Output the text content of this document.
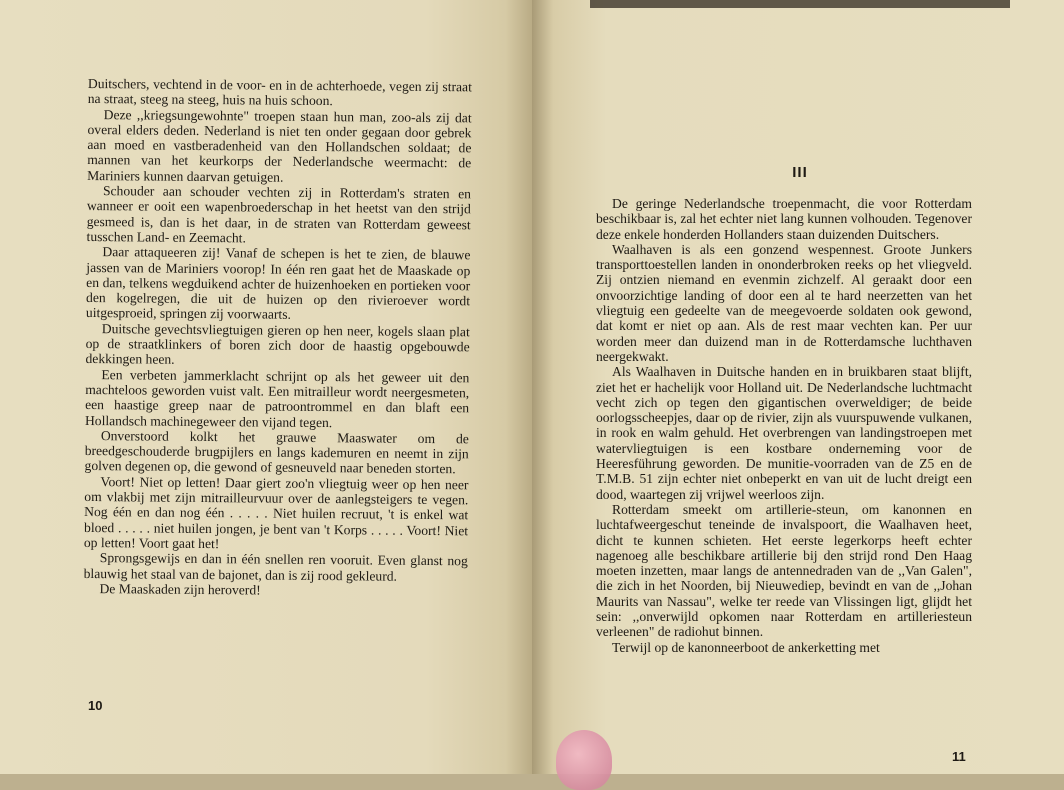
Duitschers, vechtend in de voor- en in de achterhoede, vegen zij straat na straat, steeg na steeg, huis na huis schoon.

Deze ,,kriegsungewohnte" troepen staan hun man, zoo-als zij dat overal elders deden. Nederland is niet ten onder gegaan door gebrek aan moed en vastberadenheid van den Hollandschen soldaat; de mannen van het keurkorps der Nederlandsche weermacht: de Mariniers kunnen daarvan getuigen.

Schouder aan schouder vechten zij in Rotterdam's straten en wanneer er ooit een wapenbroederschap in het heetst van den strijd gesmeed is, dan is het daar, in de straten van Rotterdam geweest tusschen Land- en Zeemacht.

Daar attaqueeren zij! Vanaf de schepen is het te zien, de blauwe jassen van de Mariniers voorop! In één ren gaat het de Maaskade op en dan, telkens wegduikend achter de huizenhoeken en portieken voor den kogelregen, die uit de huizen op den rivieroever wordt uitgesproeid, springen zij voorwaarts.

Duitsche gevechtsvliegtuigen gieren op hen neer, kogels slaan plat op de straatklinkers of boren zich door de haastig opgebouwde dekkingen heen.

Een verbeten jammerklacht schrijnt op als het geweer uit den machteloos geworden vuist valt. Een mitrailleur wordt neergesmeten, een haastige greep naar de patroontrommel en dan blaft een Hollandsch machinegeweer den vijand tegen.

Onverstoord kolkt het grauwe Maaswater om de breedgeschouderde brugpijlers en langs kademuren en neemt in zijn golven degenen op, die gewond of gesneuveld naar beneden storten.

Voort! Niet op letten! Daar giert zoo'n vliegtuig weer op hen neer om vlakbij met zijn mitrailleurvuur over de aanlegsteigers te vegen. Nog één en dan nog één . . . . . Niet huilen recruut, 't is enkel wat bloed . . . . . niet huilen jongen, je bent van 't Korps . . . . . Voort! Niet op letten! Voort gaat het!

Sprongsgewijs en dan in één snellen ren vooruit. Even glanst nog blauwig het staal van de bajonet, dan is zij rood gekleurd.

De Maaskaden zijn heroverd!

10
III

De geringe Nederlandsche troepenmacht, die voor Rotterdam beschikbaar is, zal het echter niet lang kunnen volhouden. Tegenover deze enkele honderden Hollanders staan duizenden Duitschers.

Waalhaven is als een gonzend wespennest. Groote Junkers transporttoestellen landen in ononderbroken reeks op het vliegveld. Zij ontzien niemand en evenmin zichzelf. Al geraakt door een onvoorzichtige landing of door een al te hard neerzetten van het vliegtuig een gedeelte van de meegevoerde soldaten ook gewond, dat komt er niet op aan. Als de rest maar vechten kan. Per uur worden meer dan duizend man in de Rotterdamsche luchthaven neergekwakt.

Als Waalhaven in Duitsche handen en in bruikbaren staat blijft, ziet het er hachelijk voor Holland uit. De Nederlandsche luchtmacht vecht zich op tegen den gigantischen overweldiger; de beide oorlogsscheepjes, daar op de rivier, zijn als vuurspuwende vulkanen, in rook en walm gehuld. Het overbrengen van landingstroepen met watervliegtuigen is een kostbare onderneming voor de Heeresführung geworden. De munitie-voorraden van de Z5 en de T.M.B. 51 zijn echter niet onbeperkt en van uit de lucht dreigt een dood, waartegen zij vrijwel weerloos zijn.

Rotterdam smeekt om artillerie-steun, om kanonnen en luchtafweergeschut teneinde de invalspoort, die Waalhaven heet, dicht te kunnen schieten. Het eerste legerkorps heeft echter nagenoeg alle beschikbare artillerie bij den strijd rond Den Haag moeten inzetten, maar langs de antennedraden van de ,,Van Galen", die zich in het Noorden, bij Nieuwediep, bevindt en van de ,,Johan Maurits van Nassau", welke ter reede van Vlissingen ligt, glijdt het sein: ,,onverwijld opkomen naar Rotterdam en artilleriesteun verleenen" de radiohut binnen.

Terwijl op de kanonneerboot de ankerketting met

11
